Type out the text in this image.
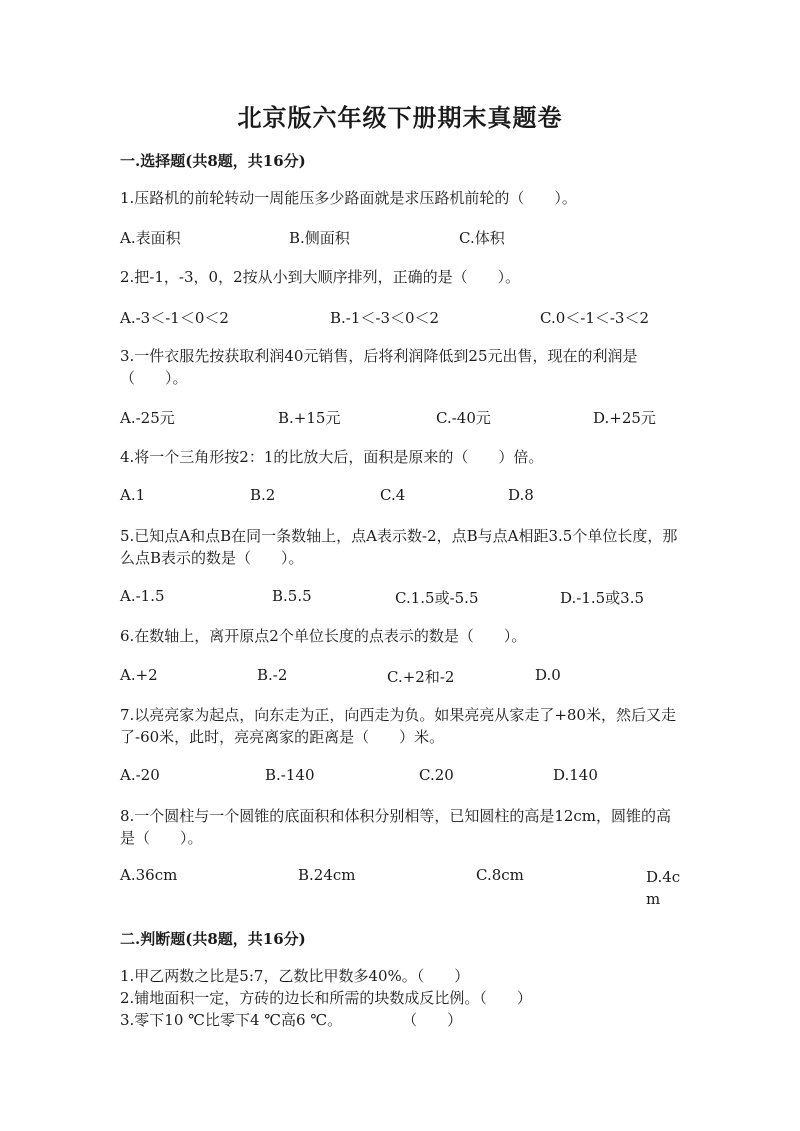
北京版六年级下册期末真题卷
一.选择题(共8题，共16分)
1.压路机的前轮转动一周能压多少路面就是求压路机前轮的（　　）。
A.表面积	B.侧面积	C.体积
2.把-1，-3，0，2按从小到大顺序排列，正确的是（　　）。
A.-3＜-1＜0＜2	B.-1＜-3＜0＜2	C.0＜-1＜-3＜2
3.一件衣服先按获取利润40元销售，后将利润降低到25元出售，现在的利润是（　　）。
A.-25元	B.+15元	C.-40元	D.+25元
4.将一个三角形按2：1的比放大后，面积是原来的（　　）倍。
A.1	B.2	C.4	D.8
5.已知点A和点B在同一条数轴上，点A表示数-2，点B与点A相距3.5个单位长度，那么点B表示的数是（　　）。
A.-1.5	B.5.5	C.1.5或-5.5	D.-1.5或3.5
6.在数轴上，离开原点2个单位长度的点表示的数是（　　）。
A.+2	B.-2	C.+2和-2	D.0
7.以亮亮家为起点，向东走为正，向西走为负。如果亮亮从家走了+80米，然后又走了-60米，此时，亮亮离家的距离是（　　）米。
A.-20	B.-140	C.20	D.140
8.一个圆柱与一个圆锥的底面积和体积分别相等，已知圆柱的高是12cm，圆锥的高是（　　）。
A.36cm	B.24cm	C.8cm	D.4cm
二.判断题(共8题，共16分)
1.甲乙两数之比是5:7，乙数比甲数多40%。（　　）
2.铺地面积一定，方砖的边长和所需的块数成反比例。（　　）
3.零下10 ℃比零下4 ℃高6 ℃。　　　　　（　　）
